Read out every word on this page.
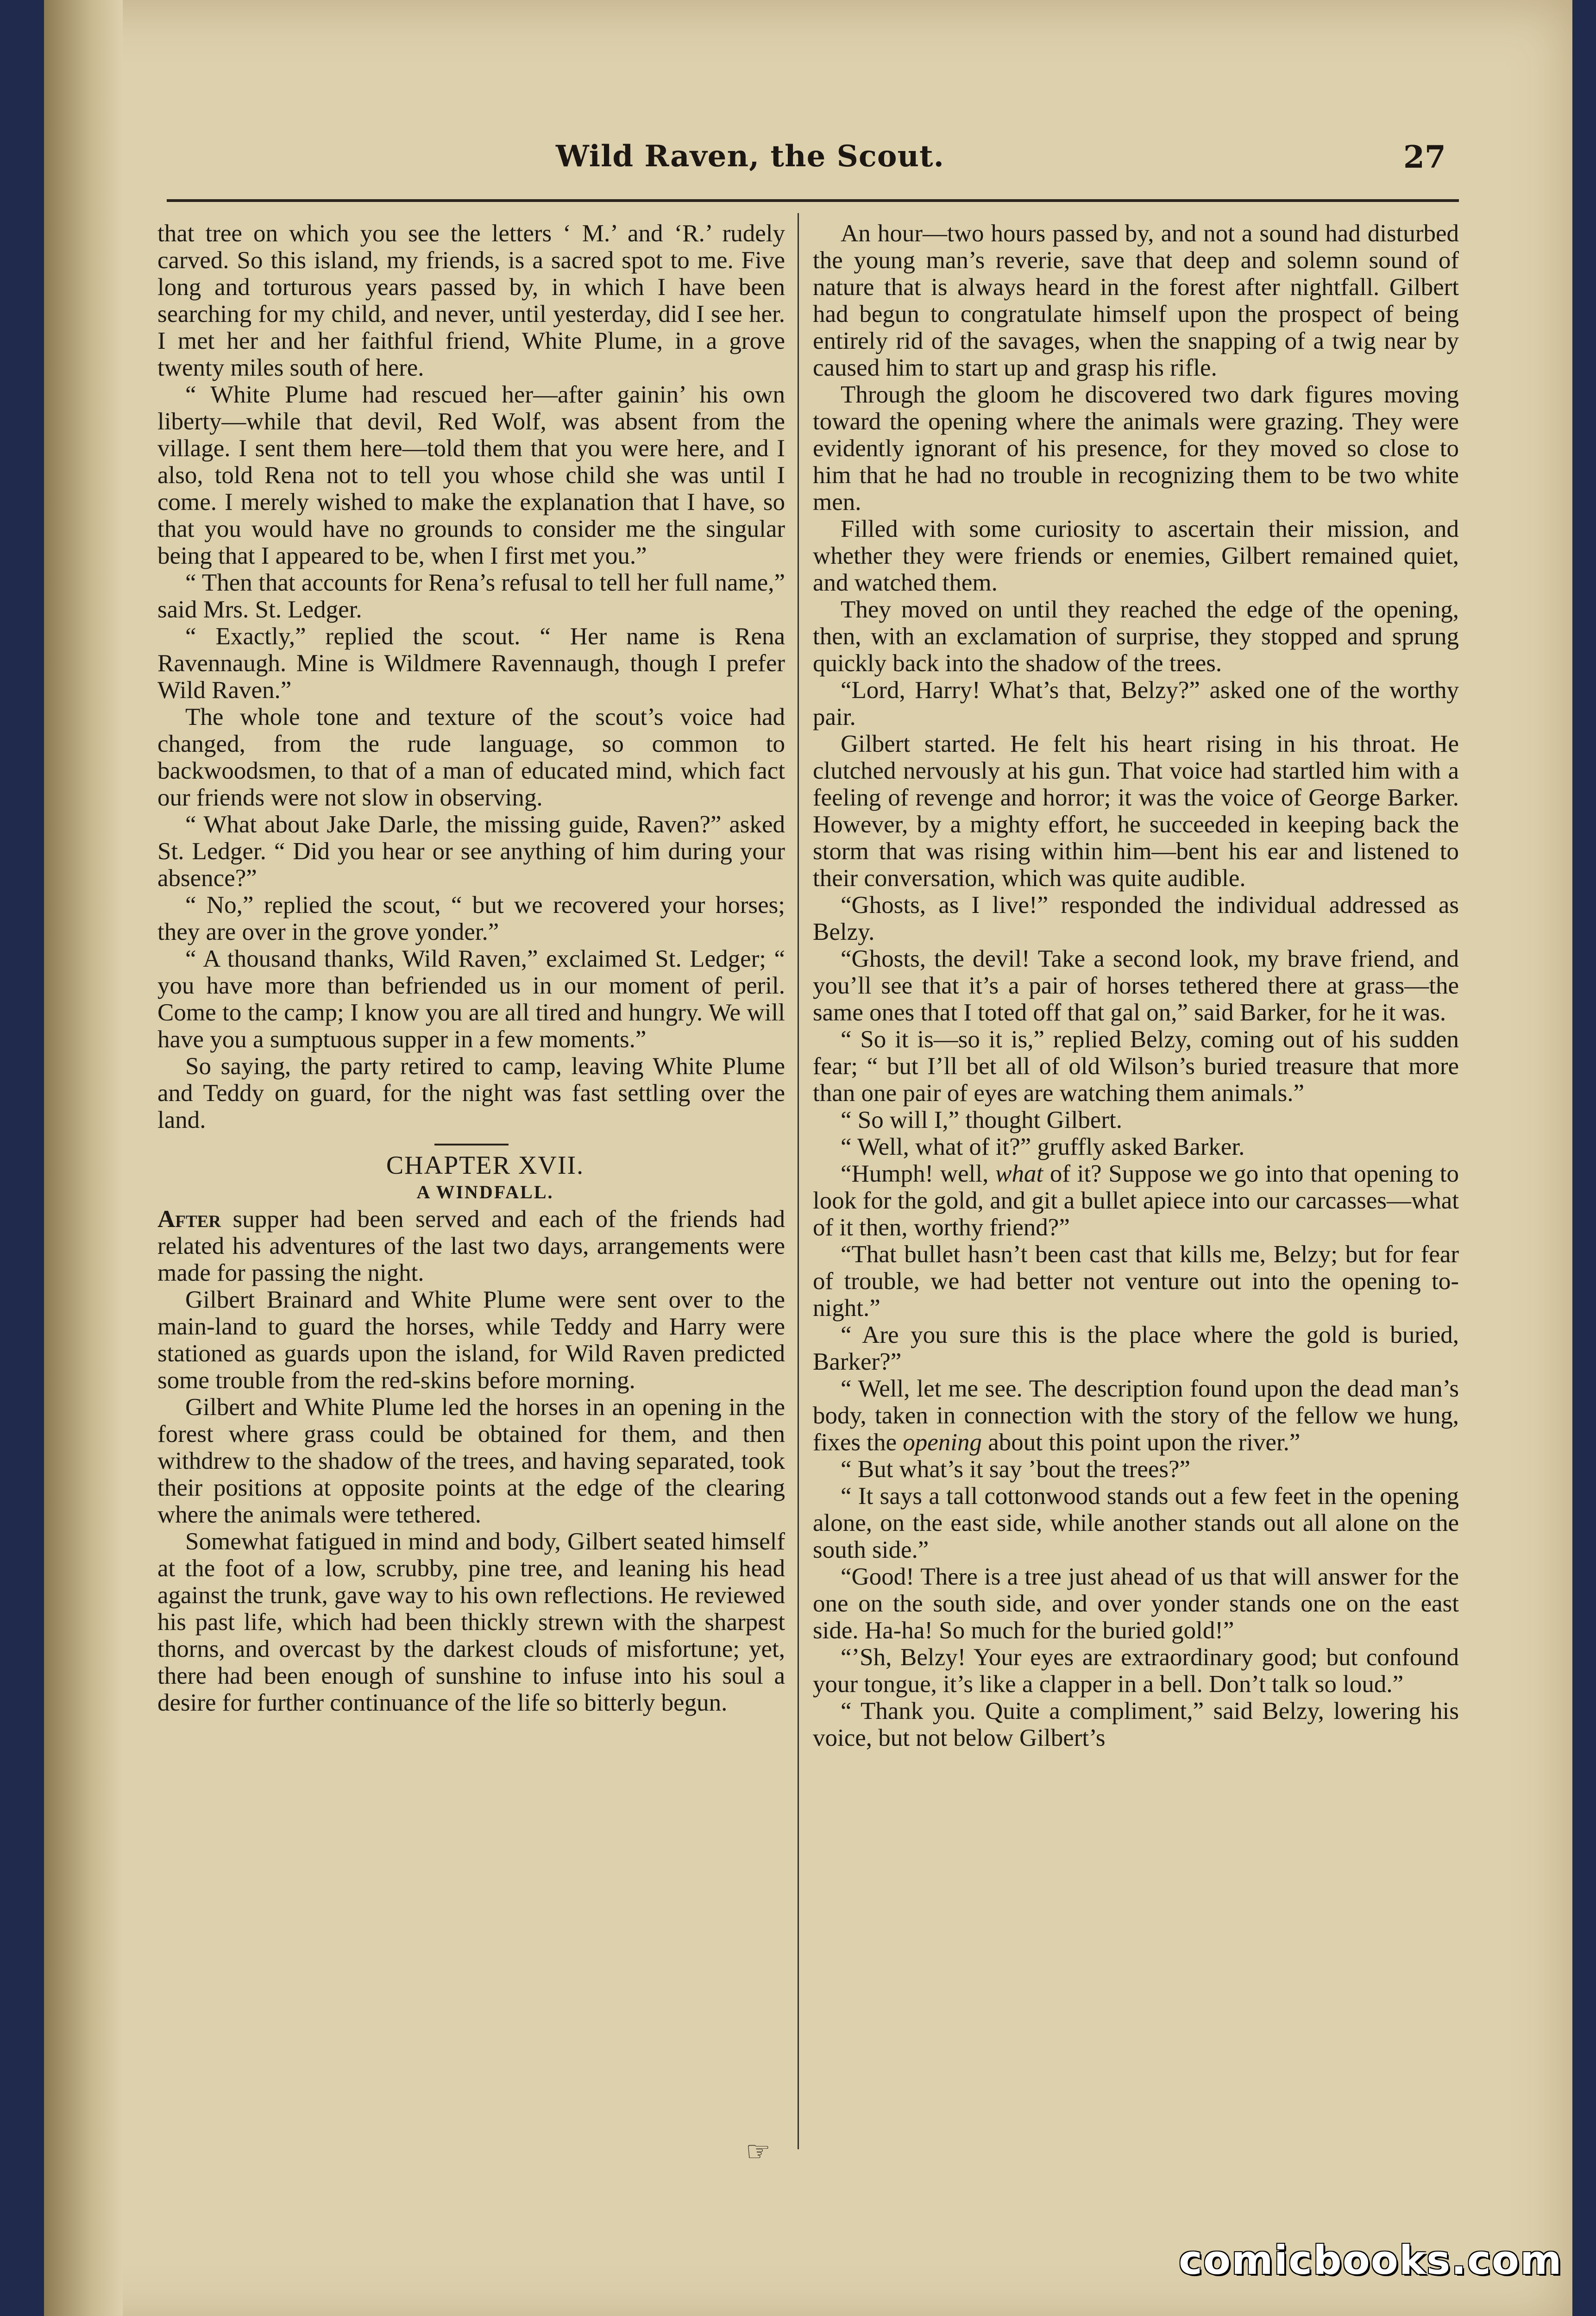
Wild Raven, the Scout.	27

that tree on which you see the letters ‘ M.’ and ‘R.’ rudely carved. So this island, my friends, is a sacred spot to me. Five long and torturous years passed by, in which I have been searching for my child, and never, until yesterday, did I see her. I met her and her faithful friend, White Plume, in a grove twenty miles south of here.

“ White Plume had rescued her—after gainin’ his own liberty—while that devil, Red Wolf, was absent from the village. I sent them here—told them that you were here, and I also, told Rena not to tell you whose child she was until I come. I merely wished to make the explanation that I have, so that you would have no grounds to consider me the singular being that I appeared to be, when I first met you.”

“ Then that accounts for Rena’s refusal to tell her full name,” said Mrs. St. Ledger.

“ Exactly,” replied the scout. “ Her name is Rena Ravennaugh. Mine is Wildmere Ravennaugh, though I prefer Wild Raven.”

The whole tone and texture of the scout’s voice had changed, from the rude language, so common to backwoodsmen, to that of a man of educated mind, which fact our friends were not slow in observing.

“ What about Jake Darle, the missing guide, Raven?” asked St. Ledger. “ Did you hear or see anything of him during your absence?”

“ No,” replied the scout, “ but we recovered your horses; they are over in the grove yonder.”

“ A thousand thanks, Wild Raven,” exclaimed St. Ledger; “ you have more than befriended us in our moment of peril. Come to the camp; I know you are all tired and hungry. We will have you a sumptuous supper in a few moments.”

So saying, the party retired to camp, leaving White Plume and Teddy on guard, for the night was fast settling over the land.

CHAPTER XVII.

A WINDFALL.

After supper had been served and each of the friends had related his adventures of the last two days, arrangements were made for passing the night.

Gilbert Brainard and White Plume were sent over to the main-land to guard the horses, while Teddy and Harry were stationed as guards upon the island, for Wild Raven predicted some trouble from the red-skins before morning.

Gilbert and White Plume led the horses in an opening in the forest where grass could be obtained for them, and then withdrew to the shadow of the trees, and having separated, took their positions at opposite points at the edge of the clearing where the animals were tethered.

Somewhat fatigued in mind and body, Gilbert seated himself at the foot of a low, scrubby, pine tree, and leaning his head against the trunk, gave way to his own reflections. He reviewed his past life, which had been thickly strewn with the sharpest thorns, and overcast by the darkest clouds of misfortune; yet, there had been enough of sunshine to infuse into his soul a desire for further continuance of the life so bitterly begun.

An hour—two hours passed by, and not a sound had disturbed the young man’s reverie, save that deep and solemn sound of nature that is always heard in the forest after nightfall. Gilbert had begun to congratulate himself upon the prospect of being entirely rid of the savages, when the snapping of a twig near by caused him to start up and grasp his rifle.

Through the gloom he discovered two dark figures moving toward the opening where the animals were grazing. They were evidently ignorant of his presence, for they moved so close to him that he had no trouble in recognizing them to be two white men.

Filled with some curiosity to ascertain their mission, and whether they were friends or enemies, Gilbert remained quiet, and watched them.

They moved on until they reached the edge of the opening, then, with an exclamation of surprise, they stopped and sprung quickly back into the shadow of the trees.

“Lord, Harry! What’s that, Belzy?” asked one of the worthy pair.

Gilbert started. He felt his heart rising in his throat. He clutched nervously at his gun. That voice had startled him with a feeling of revenge and horror; it was the voice of George Barker. However, by a mighty effort, he succeeded in keeping back the storm that was rising within him—bent his ear and listened to their conversation, which was quite audible.

“Ghosts, as I live!” responded the individual addressed as Belzy.

“Ghosts, the devil! Take a second look, my brave friend, and you’ll see that it’s a pair of horses tethered there at grass—the same ones that I toted off that gal on,” said Barker, for he it was.

“ So it is—so it is,” replied Belzy, coming out of his sudden fear; “ but I’ll bet all of old Wilson’s buried treasure that more than one pair of eyes are watching them animals.”

“ So will I,” thought Gilbert.

“ Well, what of it?” gruffly asked Barker.

“Humph! well, what of it? Suppose we go into that opening to look for the gold, and git a bullet apiece into our carcasses—what of it then, worthy friend?”

“That bullet hasn’t been cast that kills me, Belzy; but for fear of trouble, we had better not venture out into the opening to-night.”

“ Are you sure this is the place where the gold is buried, Barker?”

“ Well, let me see. The description found upon the dead man’s body, taken in connection with the story of the fellow we hung, fixes the opening about this point upon the river.”

“ But what’s it say ’bout the trees?”

“ It says a tall cottonwood stands out a few feet in the opening alone, on the east side, while another stands out all alone on the south side.”

“Good! There is a tree just ahead of us that will answer for the one on the south side, and over yonder stands one on the east side. Ha-ha! So much for the buried gold!”

“’Sh, Belzy! Your eyes are extraordinary good; but confound your tongue, it’s like a clapper in a bell. Don’t talk so loud.”

“ Thank you. Quite a compliment,” said Belzy, lowering his voice, but not below Gilbert’s

☞
comicbooks.com
